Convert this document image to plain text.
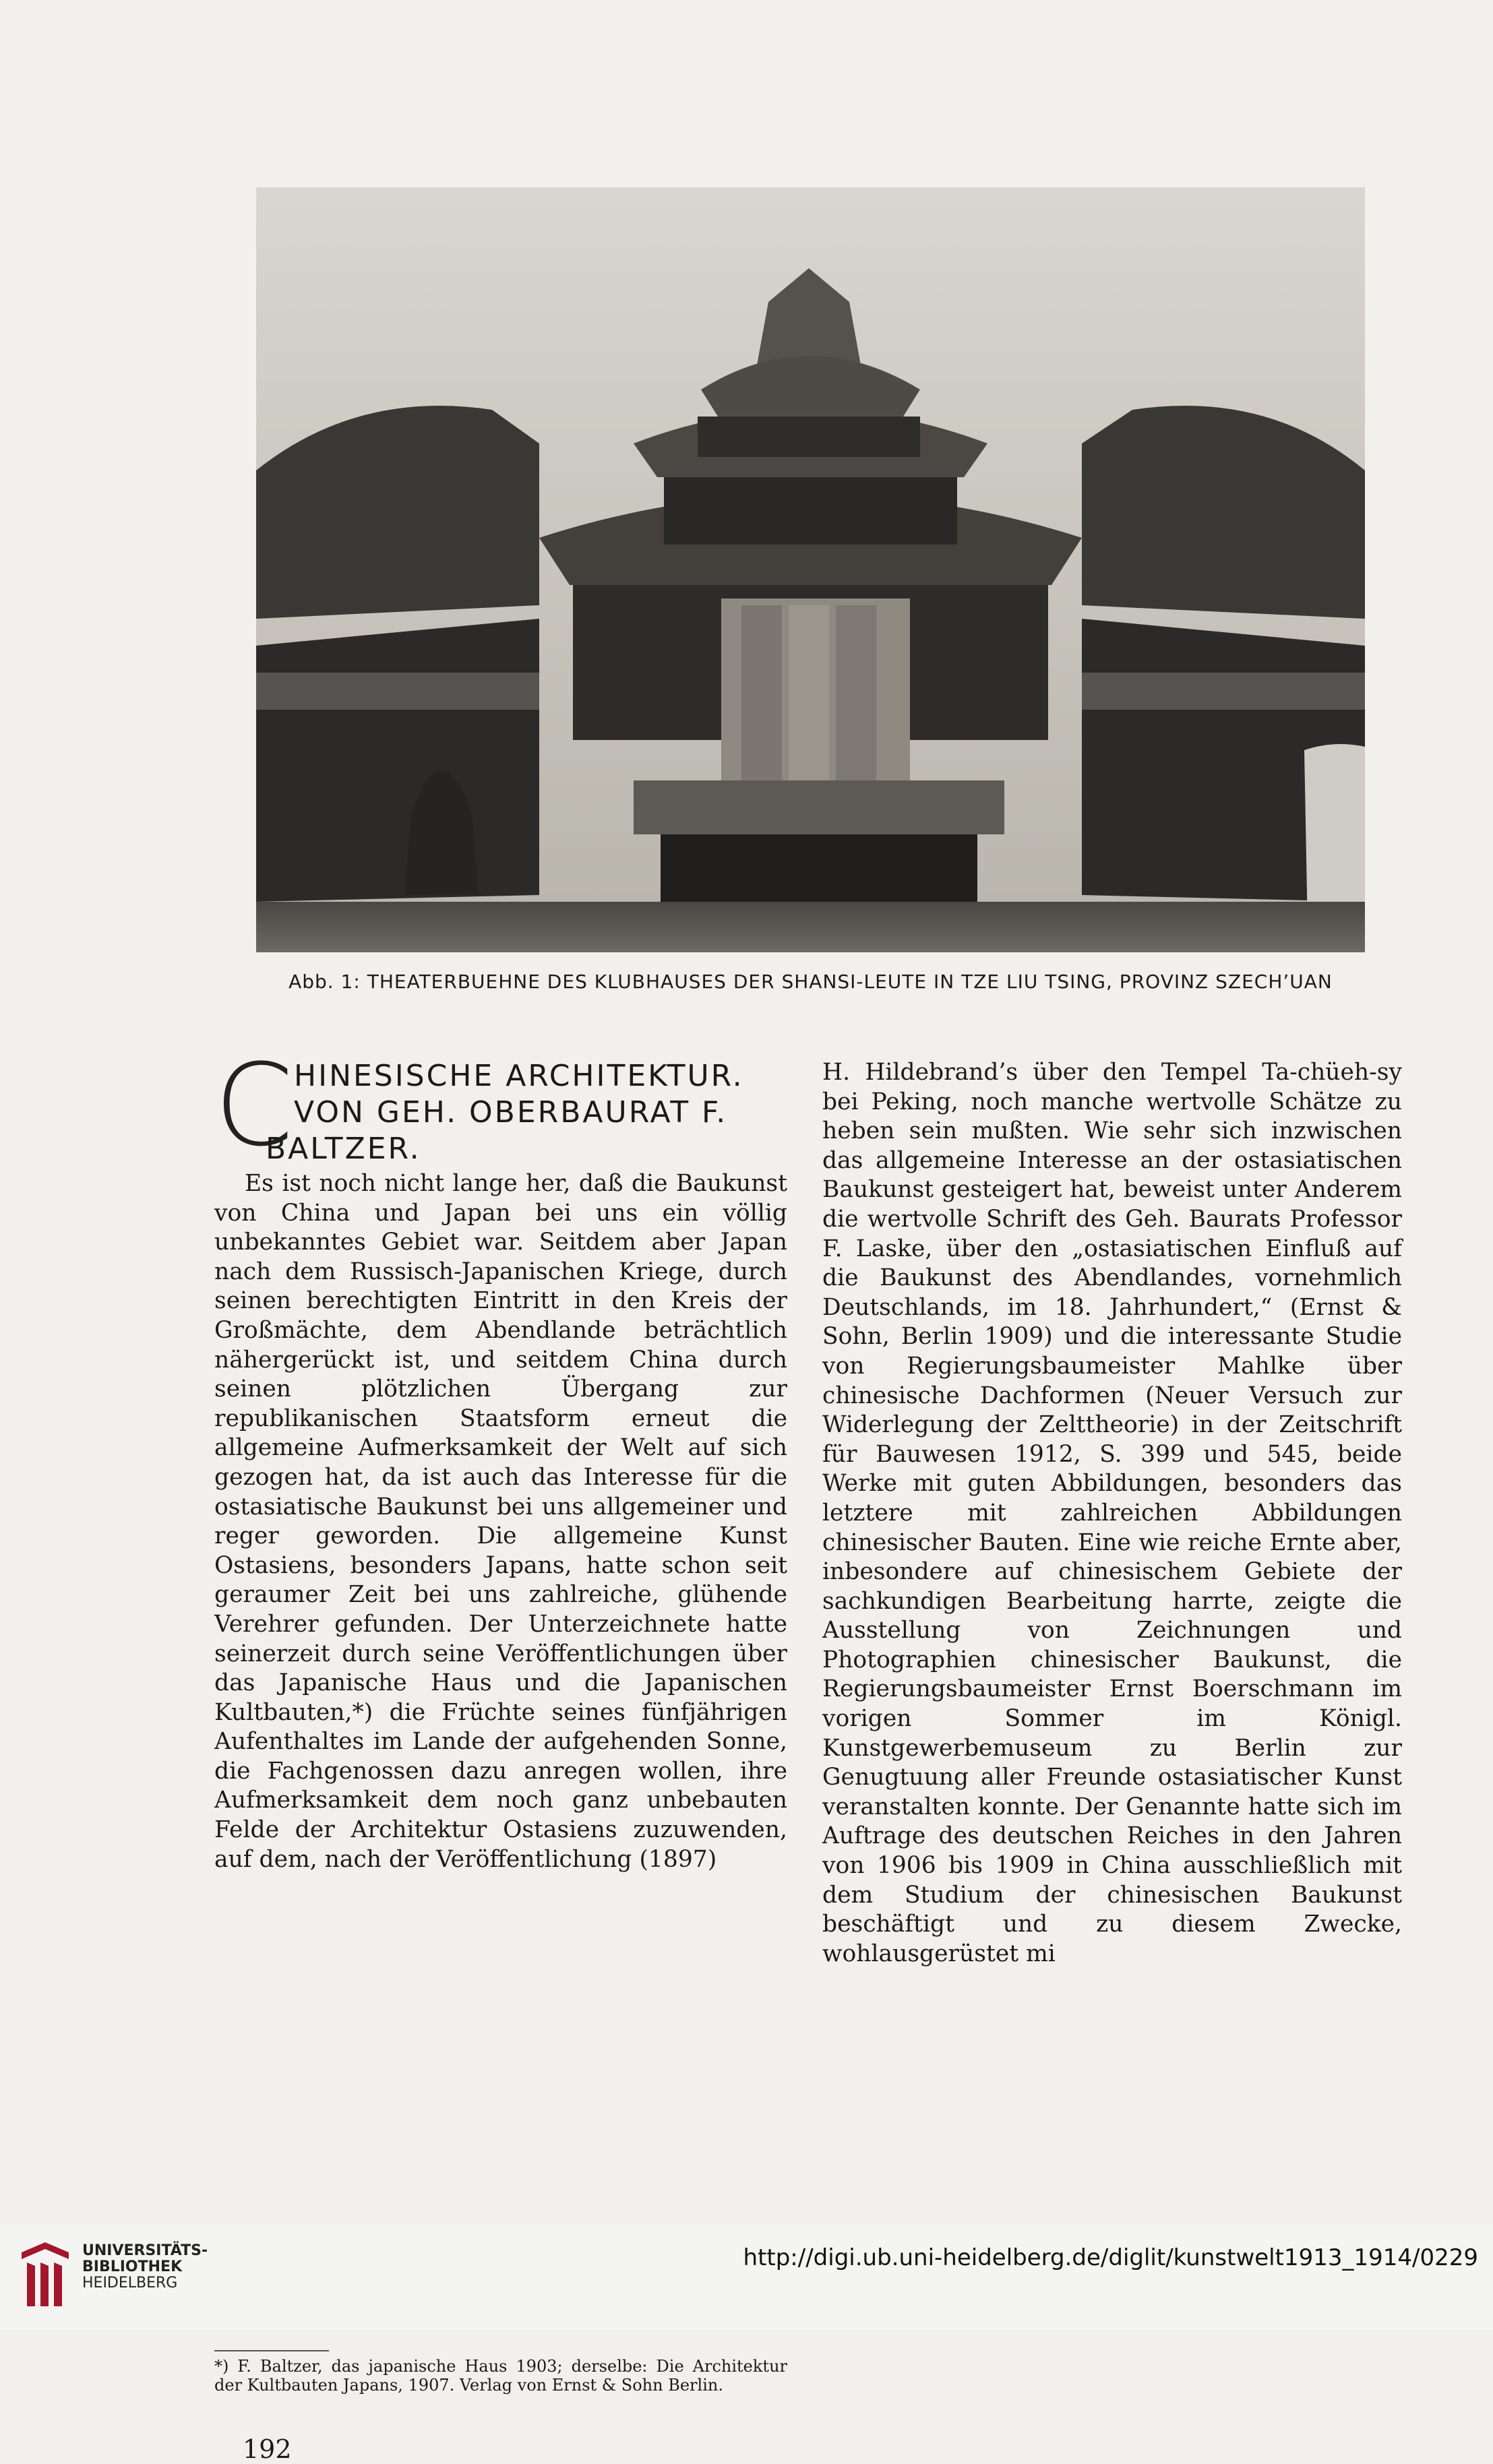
Abb. 1: THEATERBUEHNE DES KLUBHAUSES DER SHANSI-LEUTE IN TZE LIU TSING, PROVINZ SZECH’UAN
C HINESISCHE ARCHITEKTUR.
VON GEH. OBERBAURAT F.
BALTZER.

Es ist noch nicht lange her, daß die Baukunst von China und Japan bei uns ein völlig unbekanntes Gebiet war. Seitdem aber Japan nach dem Russisch-Japanischen Kriege, durch seinen berechtigten Eintritt in den Kreis der Großmächte, dem Abendlande beträchtlich nähergerückt ist, und seitdem China durch seinen plötzlichen Übergang zur republikanischen Staatsform erneut die allgemeine Aufmerksamkeit der Welt auf sich gezogen hat, da ist auch das Interesse für die ostasiatische Baukunst bei uns allgemeiner und reger geworden. Die allgemeine Kunst Ostasiens, besonders Japans, hatte schon seit geraumer Zeit bei uns zahlreiche, glühende Verehrer gefunden. Der Unterzeichnete hatte seinerzeit durch seine Veröffentlichungen über das Japanische Haus und die Japanischen Kultbauten,*) die Früchte seines fünfjährigen Aufenthaltes im Lande der aufgehenden Sonne, die Fachgenossen dazu anregen wollen, ihre Aufmerksamkeit dem noch ganz unbebauten Felde der Architektur Ostasiens zuzuwenden, auf dem, nach der Veröffentlichung (1897)

H. Hildebrand’s über den Tempel Ta-chüeh-sy bei Peking, noch manche wertvolle Schätze zu heben sein mußten. Wie sehr sich inzwischen das allgemeine Interesse an der ostasiatischen Baukunst gesteigert hat, beweist unter Anderem die wertvolle Schrift des Geh. Baurats Professor F. Laske, über den „ostasiatischen Einfluß auf die Baukunst des Abendlandes, vornehmlich Deutschlands, im 18. Jahrhundert,“ (Ernst & Sohn, Berlin 1909) und die interessante Studie von Regierungsbaumeister Mahlke über chinesische Dachformen (Neuer Versuch zur Widerlegung der Zelttheorie) in der Zeitschrift für Bauwesen 1912, S. 399 und 545, beide Werke mit guten Abbildungen, besonders das letztere mit zahlreichen Abbildungen chinesischer Bauten. Eine wie reiche Ernte aber, inbesondere auf chinesischem Gebiete der sachkundigen Bearbeitung harrte, zeigte die Ausstellung von Zeichnungen und Photographien chinesischer Baukunst, die Regierungsbaumeister Ernst Boerschmann im vorigen Sommer im Königl. Kunstgewerbemuseum zu Berlin zur Genugtuung aller Freunde ostasiatischer Kunst veranstalten konnte. Der Genannte hatte sich im Auftrage des deutschen Reiches in den Jahren von 1906 bis 1909 in China ausschließlich mit dem Studium der chinesischen Baukunst beschäftigt und zu diesem Zwecke, wohlausgerüstet mi

*) F. Baltzer, das japanische Haus 1903; derselbe: Die Architektur der Kultbauten Japans, 1907. Verlag von Ernst & Sohn Berlin.
192
UNIVERSITÄTS-
BIBLIOTHEK
HEIDELBERG
http://digi.ub.uni-heidelberg.de/diglit/kunstwelt1913_1914/0229
